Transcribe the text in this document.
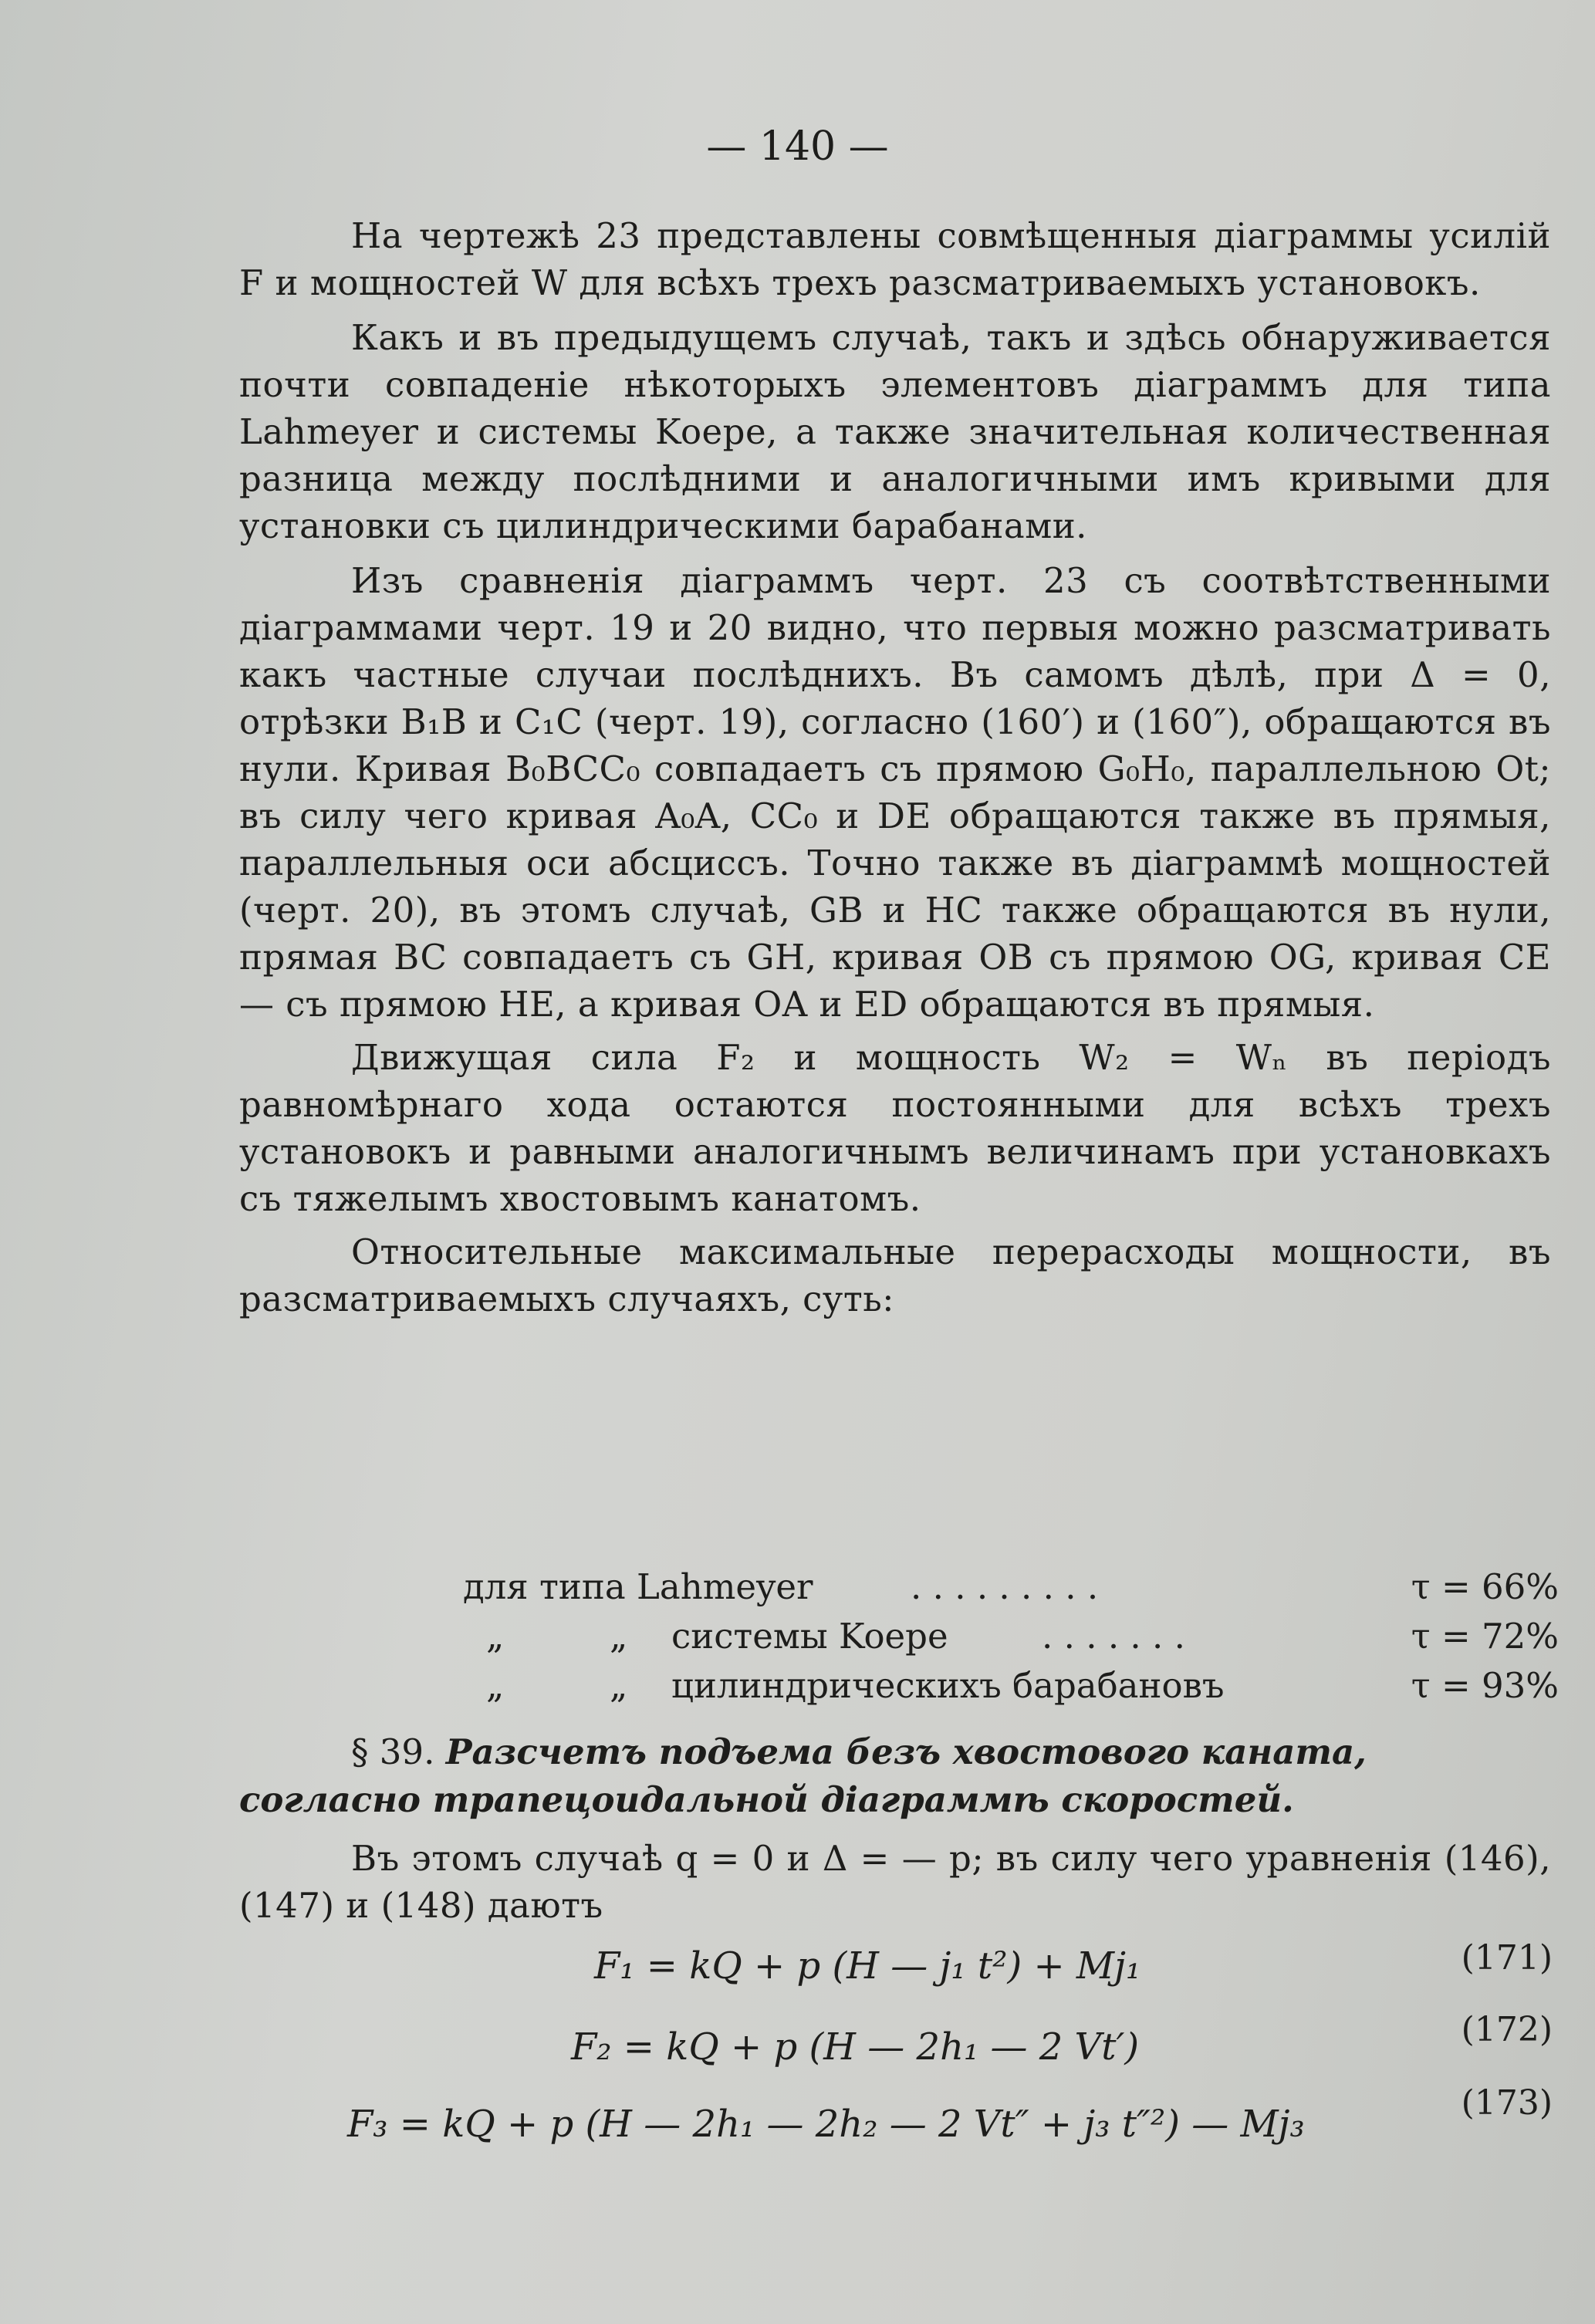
— 140 —

На чертежѣ 23 представлены совмѣщенныя діаграммы усилій F и мощностей W для всѣхъ трехъ разсматриваемыхъ установокъ.

Какъ и въ предыдущемъ случаѣ, такъ и здѣсь обнаруживается почти совпаденіе нѣкоторыхъ элементовъ діаграммъ для типа Lahmeyer и системы Koepe, а также значительная количественная разница между послѣдними и аналогичными имъ кривыми для установки съ цилиндрическими барабанами.

Изъ сравненія діаграммъ черт. 23 съ соотвѣтственными діаграммами черт. 19 и 20 видно, что первыя можно разсматривать какъ частные случаи послѣднихъ. Въ самомъ дѣлѣ, при Δ = 0, отрѣзки B₁B и C₁C (черт. 19), согласно (160′) и (160″), обращаются въ нули. Кривая B₀BCC₀ совпадаетъ съ прямою G₀H₀, параллельною Ot; въ силу чего кривая A₀A, CC₀ и DE обращаются также въ прямыя, параллельныя оси абсциссъ. Точно также въ діаграммѣ мощностей (черт. 20), въ этомъ случаѣ, GB и HC также обращаются въ нули, прямая BC совпадаетъ съ GH, кривая OB съ прямою OG, кривая CE — съ прямою HE, а кривая OA и ED обращаются въ прямыя.

Движущая сила F₂ и мощность W₂ = Wₙ въ періодъ равномѣрнаго хода остаются постоянными для всѣхъ трехъ установокъ и равными аналогичнымъ величинамъ при установкахъ съ тяжелымъ хвостовымъ канатомъ.

Относительные максимальные перерасходы мощности, въ разсматриваемыхъ случаяхъ, суть:

для типа Lahmeyer	. . . . . . . . .	τ = 66%
„	„ системы Koepe	. . . . . . .	τ = 72%
„	„ цилиндрическихъ барабановъ	τ = 93%

§ 39. Разсчетъ подъема безъ хвостового каната, согласно трапецоидальной діаграммѣ скоростей.

Въ этомъ случаѣ q = 0 и Δ = — p; въ силу чего уравненія (146), (147) и (148) даютъ

F₁ = kQ + p (H — j₁ t²) + Mj₁	(171)
F₂ = kQ + p (H — 2h₁ — 2 Vt′)	(172)
F₃ = kQ + p (H — 2h₁ — 2h₂ — 2 Vt″ + j₃ t″²) — Mj₃	(173)
